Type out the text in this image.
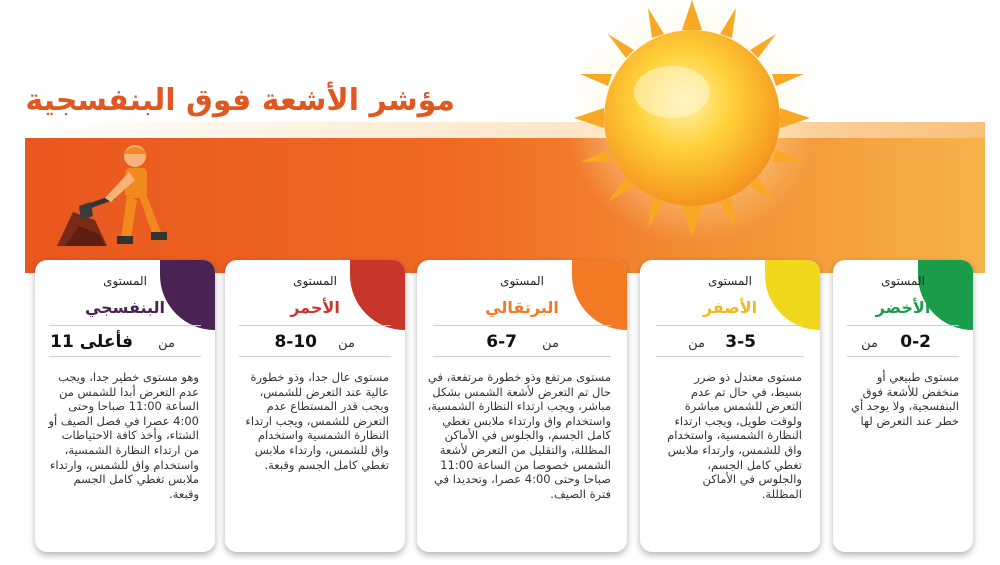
مؤشر الأشعة فوق البنفسجية
المستوى
الأخضر
من 0-2
مستوى طبيعي أو منخفض للأشعة فوق البنفسجية، ولا يوجد أي خطر عند التعرض لها
المستوى
الأصفر
من 3-5
مستوى معتدل ذو ضرر بسيط، في حال تم عدم التعرض للشمس مباشرة ولوقت طويل، ويجب ارتداء النظارة الشمسية، واستخدام واق للشمس، وارتداء ملابس تغطي كامل الجسم، والجلوس في الأماكن المظللة.
المستوى
البرتقالي
من
6-7
مستوى مرتفع وذو خطورة مرتفعة، في حال تم التعرض لأشعة الشمس بشكل مباشر، ويجب ارتداء النظارة الشمسية، واستخدام واق وارتداء ملابس تغطي كامل الجسم، والجلوس في الأماكن المظللة، والتقليل من التعرض لأشعة الشمس خصوصا من الساعة 11:00 صباحا وحتى 4:00 عصرا، وتحديدا في فترة الصيف.
المستوى
الأحمر
من
8-10
مستوى عال جدا، وذو خطورة عالية عند التعرض للشمس، ويجب قدر المستطاع عدم التعرض للشمس، ويجب ارتداء النظارة الشمسية واستخدام واق للشمس، وارتداء ملابس تغطي كامل الجسم وقبعة.
المستوى
البنفسجي
من
11 فأعلى
وهو مستوى خطير جدا، ويجب عدم التعرض أبدا للشمس من الساعة 11:00 صباحا وحتى 4:00 عصرا في فصل الصيف أو الشتاء، وأخذ كافة الاحتياطات من ارتداء النظارة الشمسية، واستخدام واق للشمس، وارتداء ملابس تغطي كامل الجسم وقبعة.
